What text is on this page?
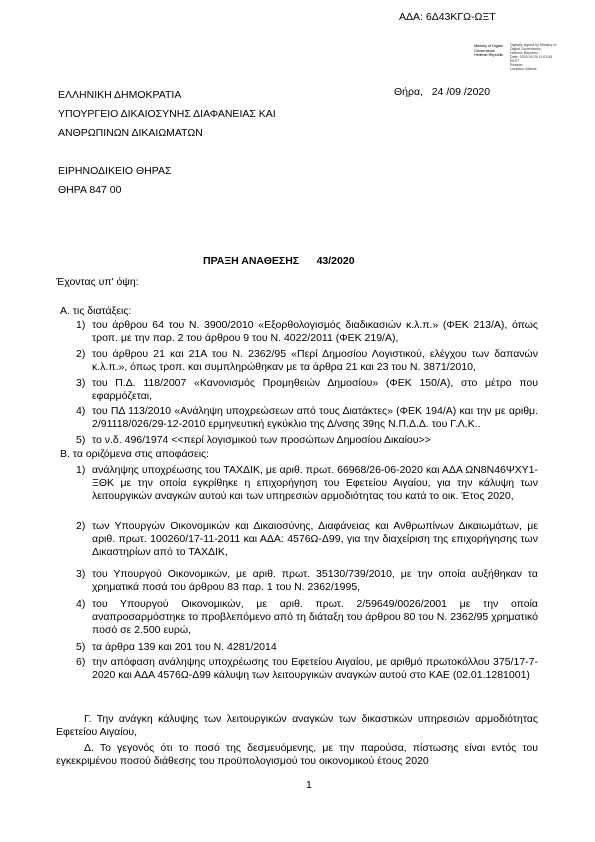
ΑΔΑ: 6Δ43ΚΓΩ-ΩΞΤ
Ministry of Digital
Governance
Hellenic Republic
Digitally signed by Ministry of
Digital Governance,
Hellenic Republic
Date: 2020.09.24 11:01:55
EEST
Reason:
Location: Athens
ΕΛΛΗΝΙΚΗ ΔΗΜΟΚΡΑΤΙΑ
ΥΠΟΥΡΓΕΙΟ ΔΙΚΑΙΟΣΥΝΗΣ ΔΙΑΦΑΝΕΙΑΣ ΚΑΙ
ΑΝΘΡΩΠΙΝΩΝ ΔΙΚΑΙΩΜΑΤΩΝ
Θήρα,   24 /09 /2020
ΕΙΡΗΝΟΔΙΚΕΙΟ ΘΗΡΑΣ
ΘΗΡΑ 847 00
ΠΡΑΞΗ ΑΝΑΘΕΣΗΣ      43/2020
Έχοντας υπ' όψη:
Α. τις διατάξεις:
1) του άρθρου 64 του Ν. 3900/2010 «Εξορθολογισμός διαδικασιών κ.λ.π.» (ΦΕΚ 213/Α), όπως τροπ. με την παρ. 2 του άρθρου 9 του Ν. 4022/2011 (ΦΕΚ 219/Α),
2) του άρθρου 21 και 21Α του Ν. 2362/95 «Περί Δημοσίου Λογιστικού, ελέγχου των δαπανών κ.λ.π.», όπως τροπ. και συμπληρώθηκαν με τα άρθρα 21 και 23 του Ν. 3871/2010,
3) του Π.Δ. 118/2007 «Κανονισμός Προμηθειών Δημοσίου» (ΦΕΚ 150/Α), στο μέτρο που εφαρμόζεται,
4) του ΠΔ 113/2010 «Ανάληψη υποχρεώσεων από τους Διατάκτες» (ΦΕΚ 194/Α) και την με αριθμ. 2/91118/026/29-12-2010 ερμηνευτική εγκύκλιο της Δ/νσης 39ης Ν.Π.Δ.Δ. του Γ.Λ.Κ..
5) το ν.δ. 496/1974 <<περί λογισμικού των προσώπων Δημοσίου Δικαίου>>
Β. τα οριζόμενα στις αποφάσεις:
1) ανάληψης υποχρέωσης του ΤΑΧΔΙΚ, με αριθ. πρωτ. 66968/26-06-2020 και ΑΔΑ ΩΝ8Ν46ΨΧΥ1-ΞΘΚ με την οποία εγκρίθηκε η επιχορήγηση του Εφετείου Αιγαίου, για την κάλυψη των λειτουργικών αναγκών αυτού και των υπηρεσιών αρμοδιότητας του κατά το οικ. Έτος 2020,
2) των Υπουργών Οικονομικών και Δικαιοσύνης, Διαφάνειας και Ανθρωπίνων Δικαιωμάτων, με αριθ. πρωτ. 100260/17-11-2011 και ΑΔΑ: 4576Ω-Δ99, για την διαχείριση της επιχορήγησης των Δικαστηρίων από το ΤΑΧΔΙΚ,
3) του Υπουργού Οικονομικών, με αριθ. πρωτ. 35130/739/2010, με την οποία αυξήθηκαν τα χρηματικά ποσά του άρθρου 83 παρ. 1 του Ν. 2362/1995,
4) του Υπουργού Οικονομικών, με αριθ. πρωτ. 2/59649/0026/2001 με την οποία αναπροσαρμόστηκε το προβλεπόμενο από τη διάταξη του άρθρου 80 του Ν. 2362/95 χρηματικό ποσό σε 2.500 ευρώ,
5) τα άρθρα 139 και 201 του Ν. 4281/2014
6) την απόφαση ανάληψης υποχρέωσης του Εφετείου Αιγαίου, με αριθμό πρωτοκόλλου 375/17-7-2020 και ΑΔΑ 4576Ω-Δ99 κάλυψη των λειτουργικών αναγκών αυτού στο ΚΑΕ (02.01.1281001)
Γ. Την ανάγκη κάλυψης των λειτουργικών αναγκών των δικαστικών υπηρεσιών αρμοδιότητας Εφετείου Αιγαίου,
Δ. Το γεγονός ότι το ποσό της δεσμευόμενης, με την παρούσα, πίστωσης είναι εντός του εγκεκριμένου ποσού διάθεσης του προϋπολογισμού του οικονομικού έτους 2020
1
